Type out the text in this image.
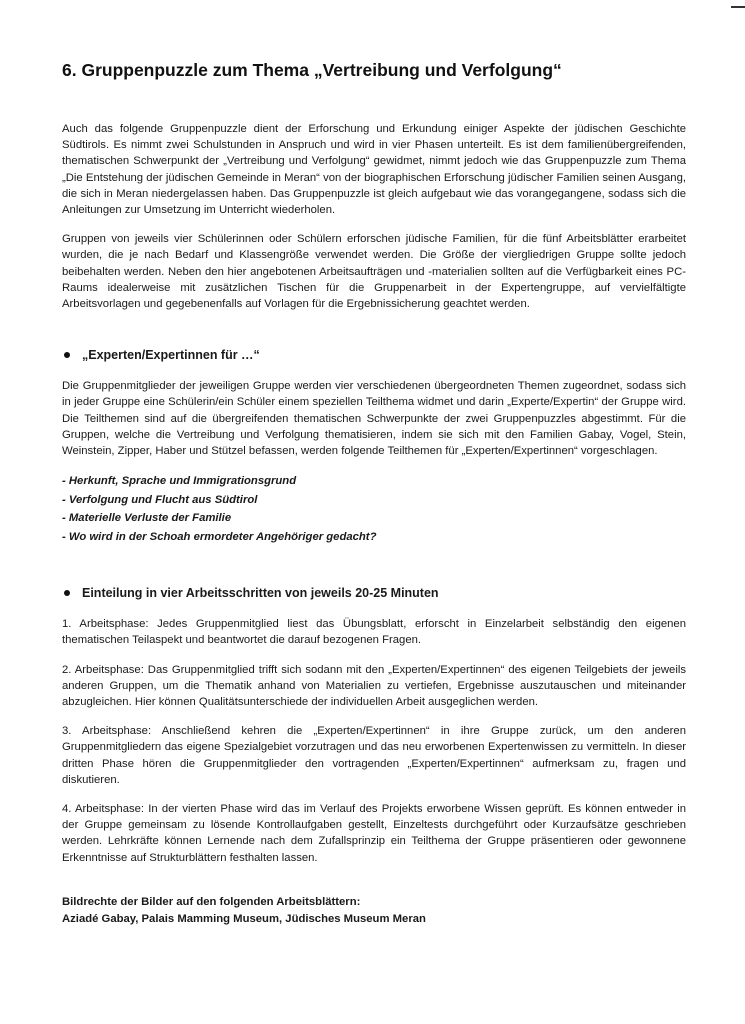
6. Gruppenpuzzle zum Thema „Vertreibung und Verfolgung“

Auch das folgende Gruppenpuzzle dient der Erforschung und Erkundung einiger Aspekte der jüdischen Geschichte Südtirols. Es nimmt zwei Schulstunden in Anspruch und wird in vier Phasen unterteilt. Es ist dem familienübergreifenden, thematischen Schwerpunkt der „Vertreibung und Verfolgung“ gewidmet, nimmt jedoch wie das Gruppenpuzzle zum Thema „Die Entstehung der jüdischen Gemeinde in Meran“ von der biographischen Erforschung jüdischer Familien seinen Ausgang, die sich in Meran niedergelassen haben. Das Gruppenpuzzle ist gleich aufgebaut wie das vorangegangene, sodass sich die Anleitungen zur Umsetzung im Unterricht wiederholen.

Gruppen von jeweils vier Schülerinnen oder Schülern erforschen jüdische Familien, für die fünf Arbeitsblätter erarbeitet wurden, die je nach Bedarf und Klassengröße verwendet werden. Die Größe der viergliedrigen Gruppe sollte jedoch beibehalten werden. Neben den hier angebotenen Arbeitsaufträgen und -materialien sollten auf die Verfügbarkeit eines PC-Raums idealerweise mit zusätzlichen Tischen für die Gruppenarbeit in der Expertengruppe, auf vervielfältigte Arbeitsvorlagen und gegebenenfalls auf Vorlagen für die Ergebnissicherung geachtet werden.

„Experten/Expertinnen für …“

Die Gruppenmitglieder der jeweiligen Gruppe werden vier verschiedenen übergeordneten Themen zugeordnet, sodass sich in jeder Gruppe eine Schülerin/ein Schüler einem speziellen Teilthema widmet und darin „Experte/Expertin“ der Gruppe wird. Die Teilthemen sind auf die übergreifenden thematischen Schwerpunkte der zwei Gruppenpuzzles abgestimmt. Für die Gruppen, welche die Vertreibung und Verfolgung thematisieren, indem sie sich mit den Familien Gabay, Vogel, Stein, Weinstein, Zipper, Haber und Stützel befassen, werden folgende Teilthemen für „Experten/Expertinnen“ vorgeschlagen.

- Herkunft, Sprache und Immigrationsgrund
- Verfolgung und Flucht aus Südtirol
- Materielle Verluste der Familie
- Wo wird in der Schoah ermordeter Angehöriger gedacht?
Einteilung in vier Arbeitsschritten von jeweils 20-25 Minuten

1. Arbeitsphase: Jedes Gruppenmitglied liest das Übungsblatt, erforscht in Einzelarbeit selbständig den eigenen thematischen Teilaspekt und beantwortet die darauf bezogenen Fragen.

2. Arbeitsphase: Das Gruppenmitglied trifft sich sodann mit den „Experten/Expertinnen“ des eigenen Teilgebiets der jeweils anderen Gruppen, um die Thematik anhand von Materialien zu vertiefen, Ergebnisse auszutauschen und miteinander abzugleichen. Hier können Qualitätsunterschiede der individuellen Arbeit ausgeglichen werden.

3. Arbeitsphase: Anschließend kehren die „Experten/Expertinnen“ in ihre Gruppe zurück, um den anderen Gruppenmitgliedern das eigene Spezialgebiet vorzutragen und das neu erworbenen Expertenwissen zu vermitteln. In dieser dritten Phase hören die Gruppenmitglieder den vortragenden „Experten/Expertinnen“ aufmerksam zu, fragen und diskutieren.

4. Arbeitsphase: In der vierten Phase wird das im Verlauf des Projekts erworbene Wissen geprüft. Es können entweder in der Gruppe gemeinsam zu lösende Kontrollaufgaben gestellt, Einzeltests durchgeführt oder Kurzaufsätze geschrieben werden. Lehrkräfte können Lernende nach dem Zufallsprinzip ein Teilthema der Gruppe präsentieren oder gewonnene Erkenntnisse auf Strukturblättern festhalten lassen.

Bildrechte der Bilder auf den folgenden Arbeitsblättern:

Aziadé Gabay, Palais Mamming Museum, Jüdisches Museum Meran
